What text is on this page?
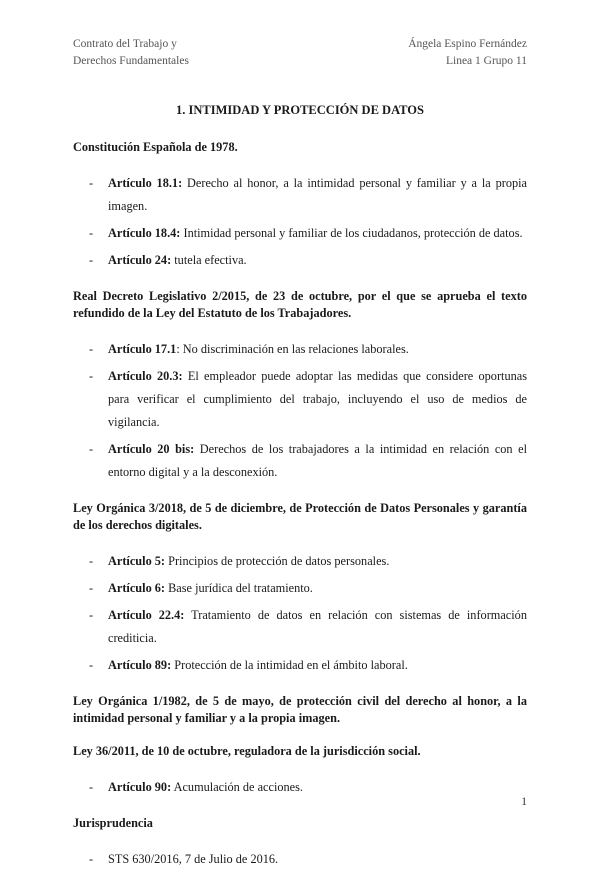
Contrato del Trabajo y
Derechos Fundamentales
Ángela Espino Fernández
Linea 1 Grupo 11
1. INTIMIDAD Y PROTECCIÓN DE DATOS
Constitución Española de 1978.
- Artículo 18.1: Derecho al honor, a la intimidad personal y familiar y a la propia imagen.
- Artículo 18.4: Intimidad personal y familiar de los ciudadanos, protección de datos.
- Artículo 24: tutela efectiva.
Real Decreto Legislativo 2/2015, de 23 de octubre, por el que se aprueba el texto refundido de la Ley del Estatuto de los Trabajadores.
- Artículo 17.1: No discriminación en las relaciones laborales.
- Artículo 20.3: El empleador puede adoptar las medidas que considere oportunas para verificar el cumplimiento del trabajo, incluyendo el uso de medios de vigilancia.
- Artículo 20 bis: Derechos de los trabajadores a la intimidad en relación con el entorno digital y a la desconexión.
Ley Orgánica 3/2018, de 5 de diciembre, de Protección de Datos Personales y garantía de los derechos digitales.
- Artículo 5: Principios de protección de datos personales.
- Artículo 6: Base jurídica del tratamiento.
- Artículo 22.4: Tratamiento de datos en relación con sistemas de información crediticia.
- Artículo 89: Protección de la intimidad en el ámbito laboral.
Ley Orgánica 1/1982, de 5 de mayo, de protección civil del derecho al honor, a la intimidad personal y familiar y a la propia imagen.
Ley 36/2011, de 10 de octubre, reguladora de la jurisdicción social.
- Artículo 90: Acumulación de acciones.
Jurisprudencia
- STS 630/2016, 7 de Julio de 2016.
1
